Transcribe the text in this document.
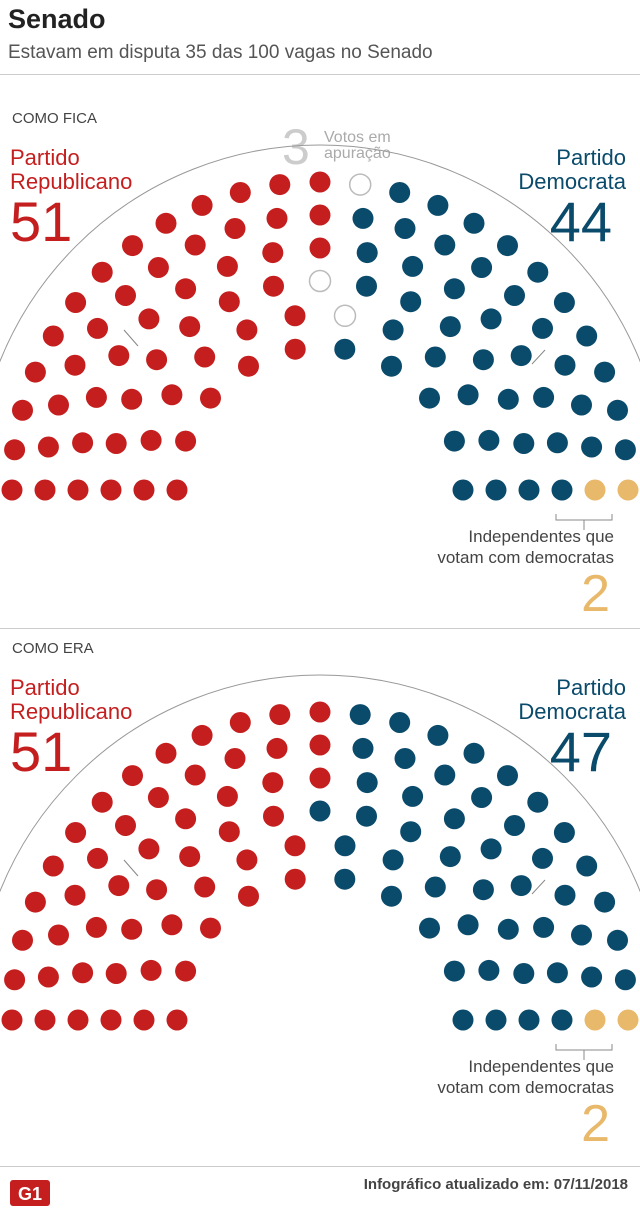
Senado
Estavam em disputa 35 das 100 vagas no Senado
COMO FICA
Partido
Republicano
51
3 Votos em
apuração	Partido
Democrata
44
Independentes que
votam com democratas
2
COMO ERA
Partido
Republicano
51
Partido
Democrata
47
Independentes que
votam com democratas
2
G1	Infográfico atualizado em: 07/11/2018
